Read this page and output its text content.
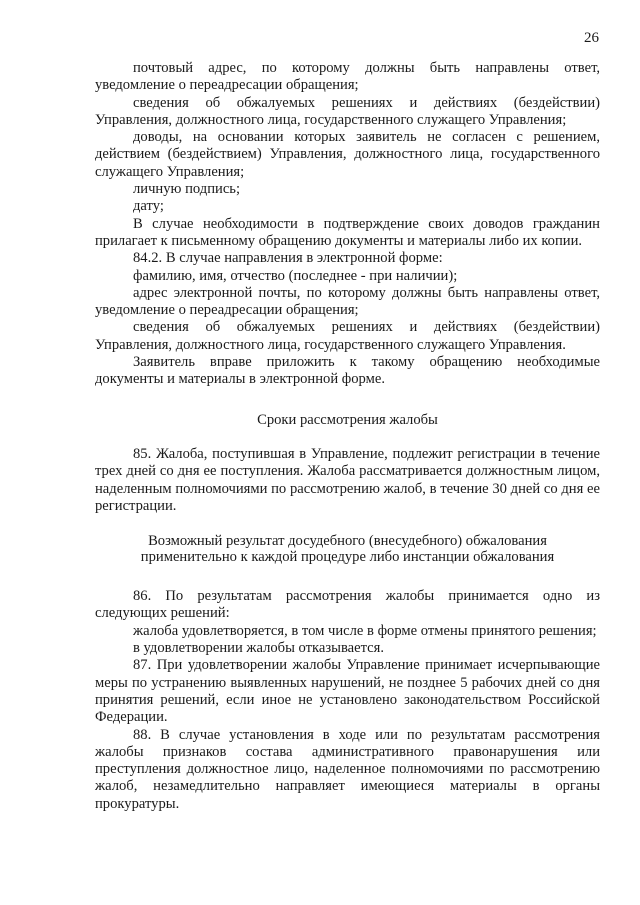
26

почтовый адрес, по которому должны быть направлены ответ, уведомление о переадресации обращения;

сведения об обжалуемых решениях и действиях (бездействии) Управления, должностного лица, государственного служащего Управления;

доводы, на основании которых заявитель не согласен с решением, действием (бездействием) Управления, должностного лица, государственного служащего Управления;

личную подпись;

дату;

В случае необходимости в подтверждение своих доводов гражданин прилагает к письменному обращению документы и материалы либо их копии.

84.2. В случае направления в электронной форме:

фамилию, имя, отчество (последнее - при наличии);

адрес электронной почты, по которому должны быть направлены ответ, уведомление о переадресации обращения;

сведения об обжалуемых решениях и действиях (бездействии) Управления, должностного лица, государственного служащего Управления.

Заявитель вправе приложить к такому обращению необходимые документы и материалы в электронной форме.

Сроки рассмотрения жалобы

85. Жалоба, поступившая в Управление, подлежит регистрации в течение трех дней со дня ее поступления. Жалоба рассматривается должностным лицом, наделенным полномочиями по рассмотрению жалоб, в течение 30 дней со дня ее регистрации.

Возможный результат досудебного (внесудебного) обжалования

применительно к каждой процедуре либо инстанции обжалования

86. По результатам рассмотрения жалобы принимается одно из следующих решений:

жалоба удовлетворяется, в том числе в форме отмены принятого решения;

в удовлетворении жалобы отказывается.

87. При удовлетворении жалобы Управление принимает исчерпывающие меры по устранению выявленных нарушений, не позднее 5 рабочих дней со дня принятия решений, если иное не установлено законодательством Российской Федерации.

88. В случае установления в ходе или по результатам рассмотрения жалобы признаков состава административного правонарушения или преступления должностное лицо, наделенное полномочиями по рассмотрению жалоб, незамедлительно направляет имеющиеся материалы в органы прокуратуры.
